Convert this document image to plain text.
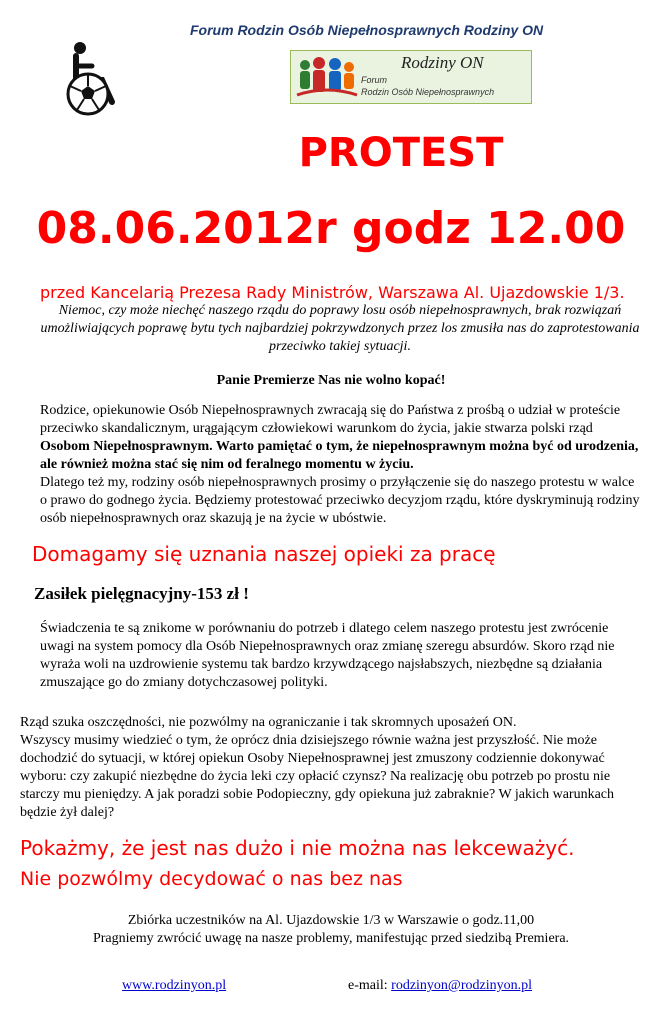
Forum Rodzin Osób Niepełnosprawnych Rodziny ON
Rodziny ON
Forum
Rodzin Osób Niepełnosprawnych
PROTEST
08.06.2012r godz 12.00
przed Kancelarią Prezesa Rady Ministrów, Warszawa Al. Ujazdowskie 1/3.

Niemoc, czy może niechęć naszego rządu do poprawy losu osób niepełnosprawnych, brak rozwiązań umożliwiających poprawę bytu tych najbardziej pokrzywdzonych przez los zmusiła nas do zaprotestowania przeciwko takiej sytuacji.

Panie Premierze Nas nie wolno kopać!
Rodzice, opiekunowie Osób Niepełnosprawnych zwracają się do Państwa z prośbą o udział w proteście przeciwko skandalicznym, urągającym człowiekowi warunkom do życia, jakie stwarza polski rząd Osobom Niepełnosprawnym. Warto pamiętać o tym, że niepełnosprawnym można być od urodzenia, ale również można stać się nim od feralnego momentu w życiu.
Dlatego też my, rodziny osób niepełnosprawnych prosimy o przyłączenie się do naszego protestu w walce o prawo do godnego życia. Będziemy protestować przeciwko decyzjom rządu, które dyskryminują rodziny osób niepełnosprawnych oraz skazują je na życie w ubóstwie.
Domagamy się uznania naszej opieki za pracę
Zasiłek pielęgnacyjny-153 zł !

Świadczenia te są znikome w porównaniu do potrzeb i dlatego celem naszego protestu jest zwrócenie uwagi na system pomocy dla Osób Niepełnosprawnych oraz zmianę szeregu absurdów. Skoro rząd nie wyraża woli na uzdrowienie systemu tak bardzo krzywdzącego najsłabszych, niezbędne są działania zmuszające go do zmiany dotychczasowej polityki.

Rząd szuka oszczędności, nie pozwólmy na ograniczanie i tak skromnych uposażeń ON.
Wszyscy musimy wiedzieć o tym, że oprócz dnia dzisiejszego równie ważna jest przyszłość. Nie może dochodzić do sytuacji, w której opiekun Osoby Niepełnosprawnej jest zmuszony codziennie dokonywać wyboru: czy zakupić niezbędne do życia leki czy opłacić czynsz? Na realizację obu potrzeb po prostu nie starczy mu pieniędzy. A jak poradzi sobie Podopieczny, gdy opiekuna już zabraknie? W jakich warunkach będzie żył dalej?
Pokażmy, że jest nas dużo i nie można nas lekceważyć.
Nie pozwólmy decydować o nas bez nas
Zbiórka uczestników na Al. Ujazdowskie 1/3 w Warszawie o godz.11,00
Pragniemy zwrócić uwagę na nasze problemy, manifestując przed siedzibą Premiera.
www.rodzinyon.pl	e-mail: rodzinyon@rodzinyon.pl
